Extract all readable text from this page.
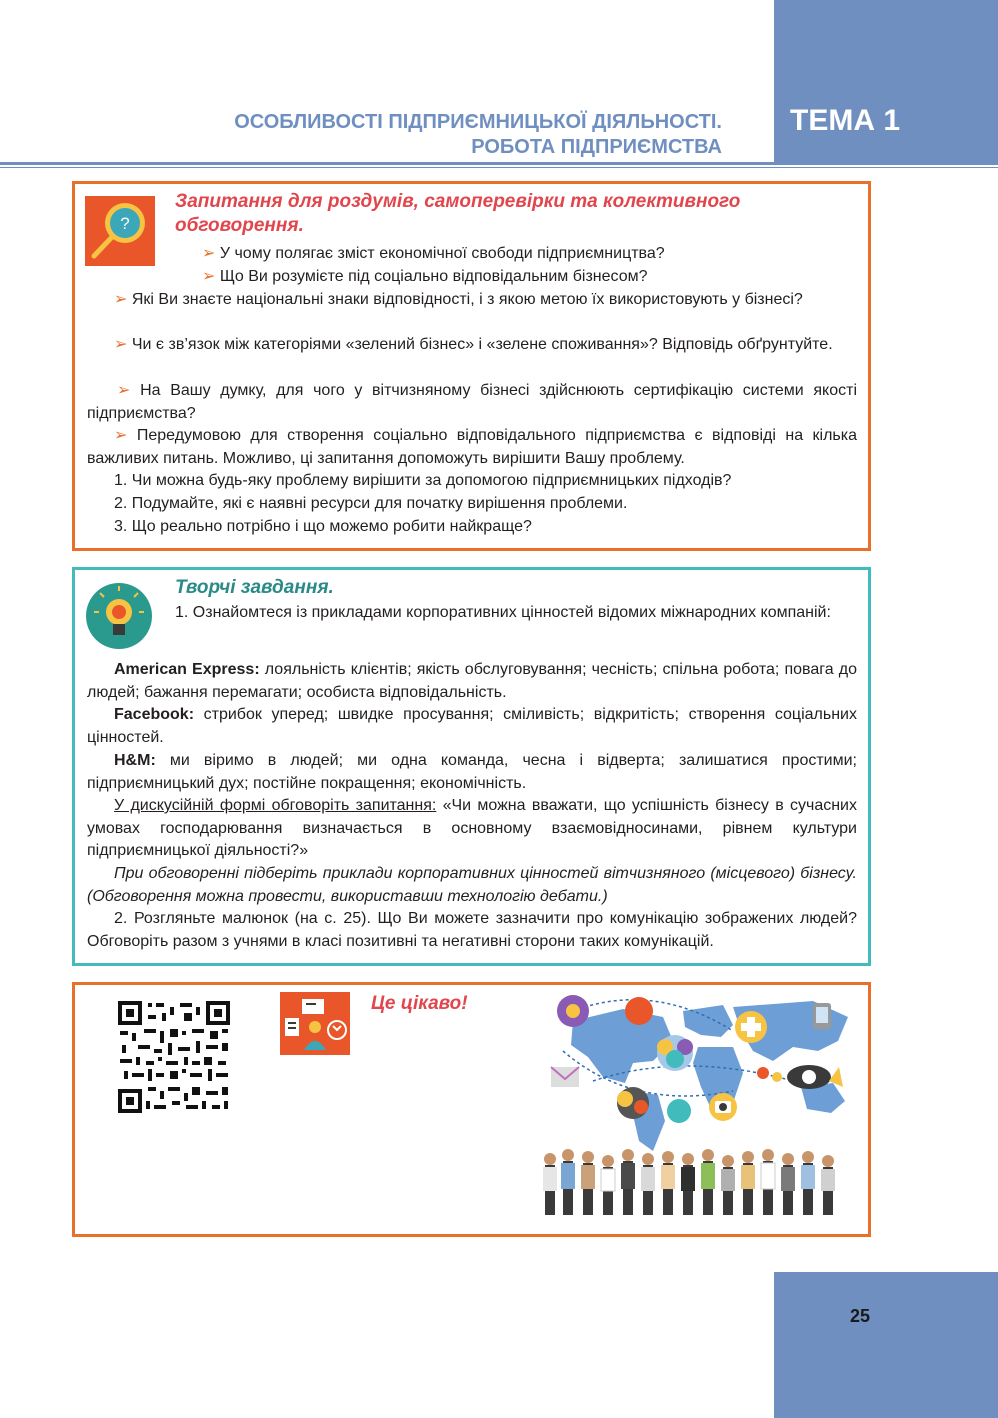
ТЕМА 1
ОСОБЛИВОСТІ ПІДПРИЄМНИЦЬКОЇ ДІЯЛЬНОСТІ.
РОБОТА ПІДПРИЄМСТВА
?
Запитання для роздумів, самоперевірки та колективного обговорення.
➢ У чому полягає зміст економічної свободи підприємництва?
➢ Що Ви розумієте під соціально відповідальним бізнесом?
➢ Які Ви знаєте національні знаки відповідності, і з якою метою їх використовують у бізнесі?
➢ Чи є зв’язок між категоріями «зелений бізнес» і «зелене споживання»? Відповідь обґрунтуйте.
➢ На Вашу думку, для чого у вітчизняному бізнесі здійснюють сертифікацію системи якості підприємства?
➢ Передумовою для створення соціально відповідального підприємства є відповіді на кілька важливих питань. Можливо, ці запитання допоможуть вирішити Вашу проблему.
1. Чи можна будь-яку проблему вирішити за допомогою підприємницьких підходів?
2. Подумайте, які є наявні ресурси для початку вирішення проблеми.
3. Що реально потрібно і що можемо робити найкраще?
Творчі завдання.
1. Ознайомтеся із прикладами корпоративних цінностей відомих міжнародних компаній:
American Express: лояльність клієнтів; якість обслуговування; чесність; спільна робота; повага до людей; бажання перемагати; особиста відповідальність.
Facebook: стрибок уперед; швидке просування; сміливість; відкритість; створення соціальних цінностей.
H&M: ми віримо в людей; ми одна команда, чесна і відверта; залишатися простими; підприємницький дух; постійне покращення; економічність.
У дискусійній формі обговоріть запитання: «Чи можна вважати, що успішність бізнесу в сучасних умовах господарювання визначається в основному взаємовідносинами, рівнем культури підприємницької діяльності?»
При обговоренні підберіть приклади корпоративних цінностей вітчизняного (місцевого) бізнесу. (Обговорення можна провести, використавши технологію дебати.)
2. Розгляньте малюнок (на с. 25). Що Ви можете зазначити про комунікацію зображених людей? Обговоріть разом з учнями в класі позитивні та негативні сторони таких комунікацій.
Це цікаво!
25
